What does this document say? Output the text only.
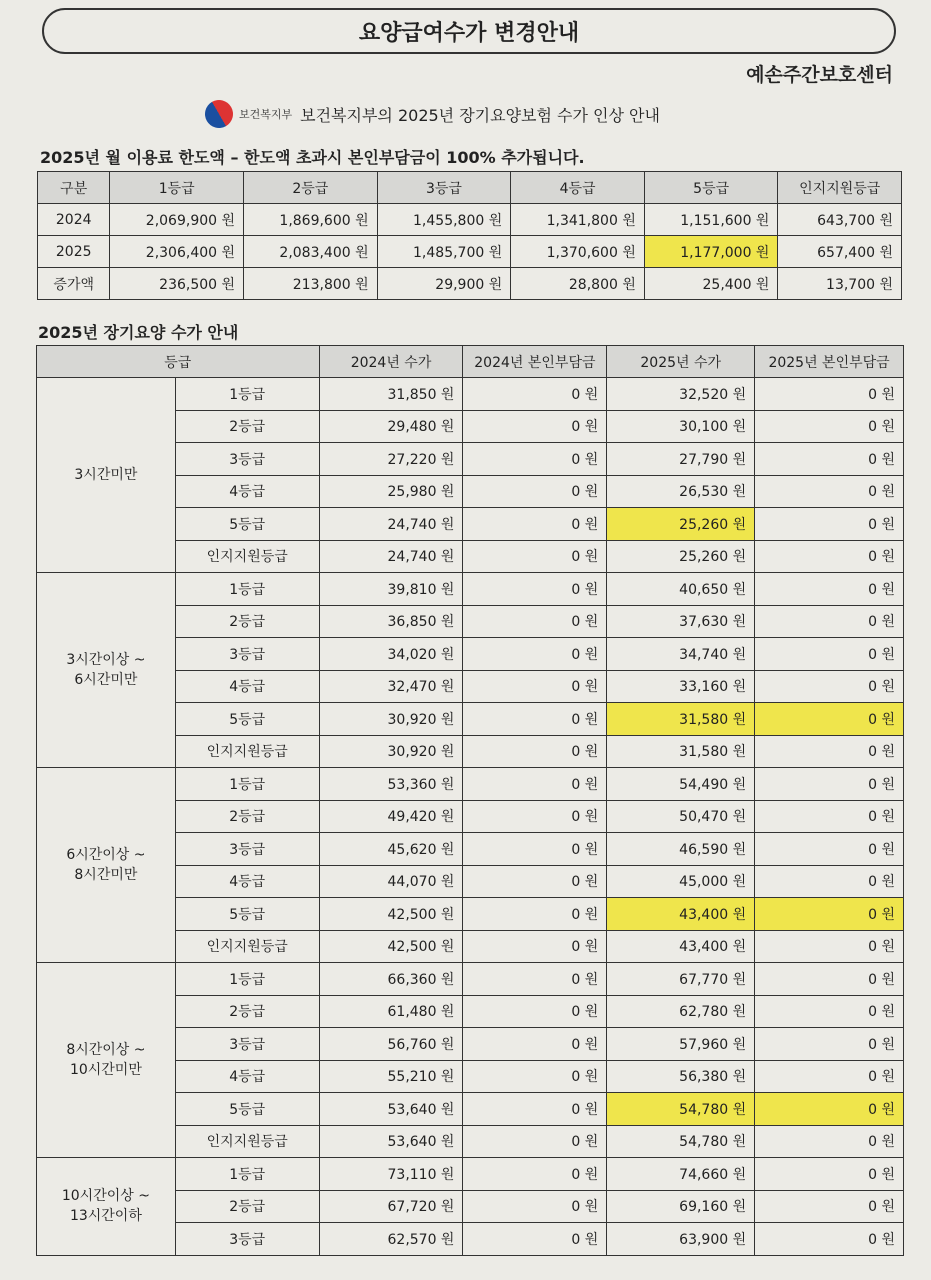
요양급여수가 변경안내
예손주간보호센터
보건복지부 보건복지부의 2025년 장기요양보험 수가 인상 안내
2025년 월 이용료 한도액 – 한도액 초과시 본인부담금이 100% 추가됩니다.
구분	1등급	2등급	3등급	4등급	5등급	인지지원등급
2024	2,069,900 원	1,869,600 원	1,455,800 원	1,341,800 원	1,151,600 원	643,700 원
2025	2,306,400 원	2,083,400 원	1,485,700 원	1,370,600 원	1,177,000 원	657,400 원
증가액	236,500 원	213,800 원	29,900 원	28,800 원	25,400 원	13,700 원
2025년 장기요양 수가 안내
등급		2024년 수가	2024년 본인부담금	2025년 수가	2025년 본인부담금

3시간미만	1등급	31,850 원	0 원	32,520 원	0 원
	2등급	29,480 원	0 원	30,100 원	0 원
	3등급	27,220 원	0 원	27,790 원	0 원
	4등급	25,980 원	0 원	26,530 원	0 원
	5등급	24,740 원	0 원	25,260 원	0 원
	인지지원등급	24,740 원	0 원	25,260 원	0 원

3시간이상 ~
6시간미만	1등급	39,810 원	0 원	40,650 원	0 원
	2등급	36,850 원	0 원	37,630 원	0 원
	3등급	34,020 원	0 원	34,740 원	0 원
	4등급	32,470 원	0 원	33,160 원	0 원
	5등급	30,920 원	0 원	31,580 원	0 원
	인지지원등급	30,920 원	0 원	31,580 원	0 원

6시간이상 ~
8시간미만	1등급	53,360 원	0 원	54,490 원	0 원
	2등급	49,420 원	0 원	50,470 원	0 원
	3등급	45,620 원	0 원	46,590 원	0 원
	4등급	44,070 원	0 원	45,000 원	0 원
	5등급	42,500 원	0 원	43,400 원	0 원
	인지지원등급	42,500 원	0 원	43,400 원	0 원

8시간이상 ~
10시간미만	1등급	66,360 원	0 원	67,770 원	0 원
	2등급	61,480 원	0 원	62,780 원	0 원
	3등급	56,760 원	0 원	57,960 원	0 원
	4등급	55,210 원	0 원	56,380 원	0 원
	5등급	53,640 원	0 원	54,780 원	0 원
	인지지원등급	53,640 원	0 원	54,780 원	0 원

10시간이상 ~
13시간이하	1등급	73,110 원	0 원	74,660 원	0 원
	2등급	67,720 원	0 원	69,160 원	0 원
	3등급	62,570 원	0 원	63,900 원	0 원
